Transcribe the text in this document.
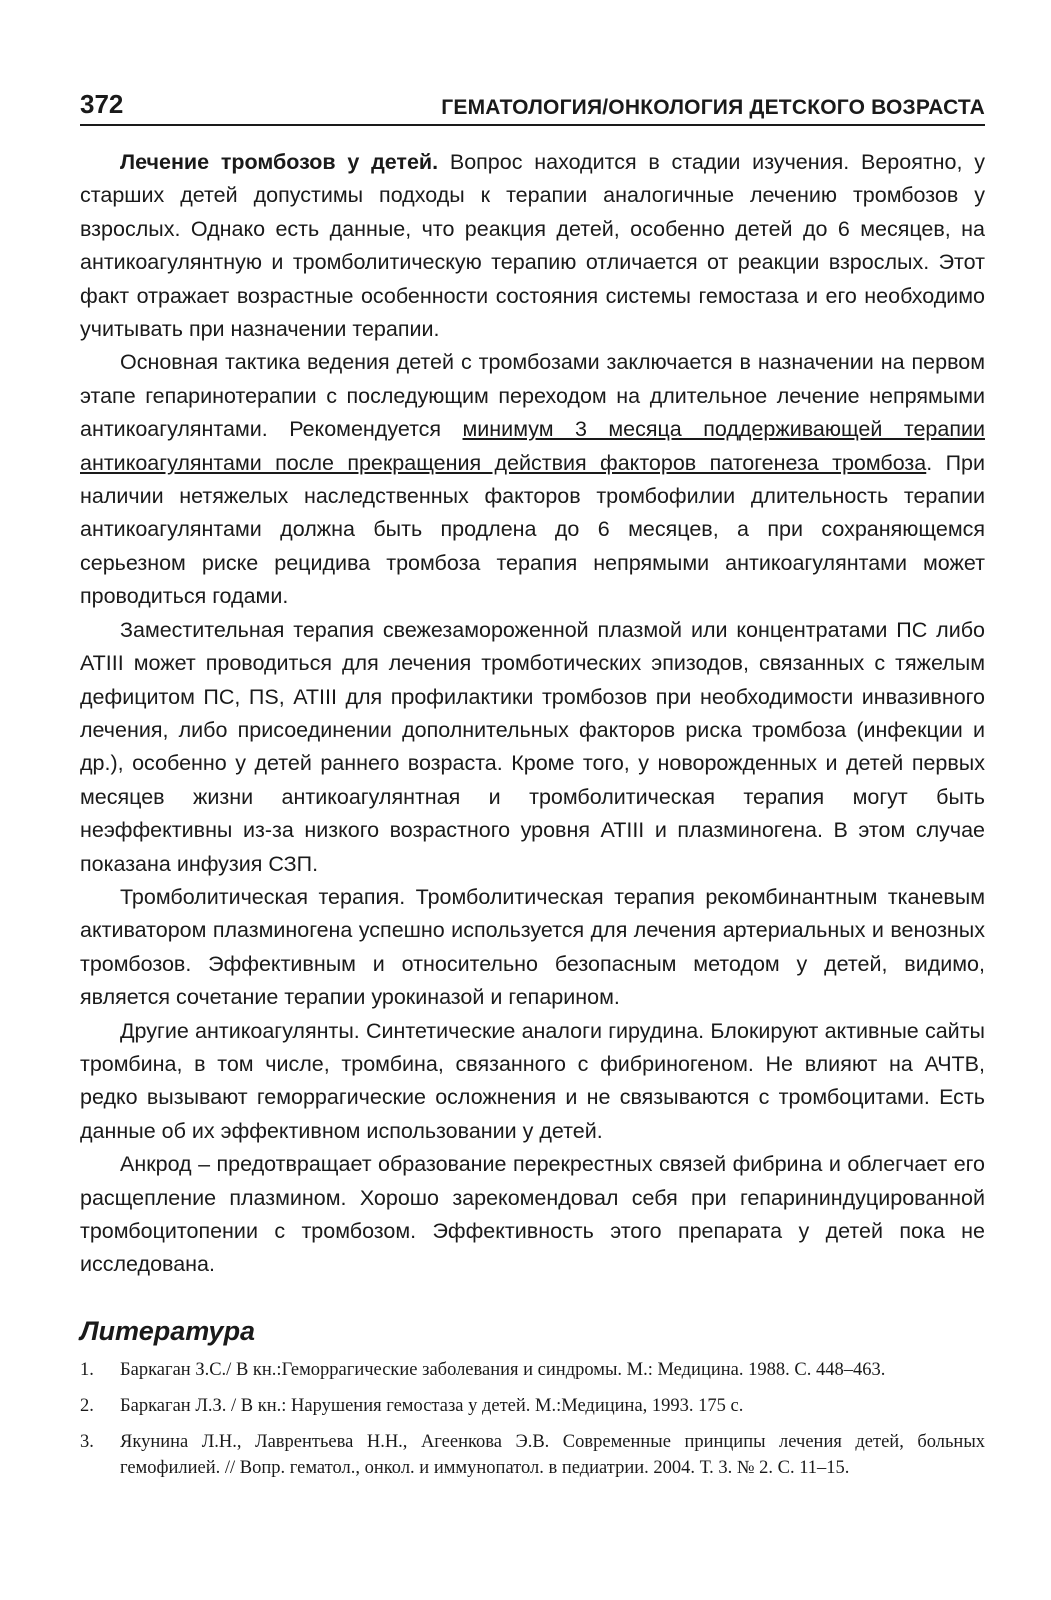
372	ГЕМАТОЛОГИЯ/ОНКОЛОГИЯ ДЕТСКОГО ВОЗРАСТА

Лечение тромбозов у детей. Вопрос находится в стадии изучения. Вероятно, у старших детей допустимы подходы к терапии аналогичные лечению тромбозов у взрослых. Однако есть данные, что реакция детей, особенно детей до 6 месяцев, на антикоагулянтную и тромболитическую терапию отличается от реакции взрослых. Этот факт отражает возрастные особенности состояния системы гемостаза и его необходимо учитывать при назначении терапии.

Основная тактика ведения детей с тромбозами заключается в назначении на первом этапе гепаринотерапии с последующим переходом на длительное лечение непрямыми антикоагулянтами. Рекомендуется минимум 3 месяца поддерживающей терапии антикоагулянтами после прекращения действия факторов патогенеза тромбоза. При наличии нетяжелых наследственных факторов тромбофилии длительность терапии антикоагулянтами должна быть продлена до 6 месяцев, а при сохраняющемся серьезном риске рецидива тромбоза терапия непрямыми антикоагулянтами может проводиться годами.

Заместительная терапия свежезамороженной плазмой или концентратами ПС либо АТIII может проводиться для лечения тромботических эпизодов, связанных с тяжелым дефицитом ПС, ПS, АТIII для профилактики тромбозов при необходимости инвазивного лечения, либо присоединении дополнительных факторов риска тромбоза (инфекции и др.), особенно у детей раннего возраста. Кроме того, у новорожденных и детей первых месяцев жизни антикоагулянтная и тромболитическая терапия могут быть неэффективны из-за низкого возрастного уровня АТIII и плазминогена. В этом случае показана инфузия СЗП.

Тромболитическая терапия. Тромболитическая терапия рекомбинантным тканевым активатором плазминогена успешно используется для лечения артериальных и венозных тромбозов. Эффективным и относительно безопасным методом у детей, видимо, является сочетание терапии урокиназой и гепарином.

Другие антикоагулянты. Синтетические аналоги гирудина. Блокируют активные сайты тромбина, в том числе, тромбина, связанного с фибриногеном. Не влияют на АЧТВ, редко вызывают геморрагические осложнения и не связываются с тромбоцитами. Есть данные об их эффективном использовании у детей.

Анкрод – предотвращает образование перекрестных связей фибрина и облегчает его расщепление плазмином. Хорошо зарекомендовал себя при гепарининдуцированной тромбоцитопении с тромбозом. Эффективность этого препарата у детей пока не исследована.

Литература
1.	Баркаган З.С./ В кн.:Геморрагические заболевания и синдромы. М.: Медицина. 1988. С. 448–463.
2.	Баркаган Л.З. / В кн.: Нарушения гемостаза у детей. М.:Медицина, 1993. 175 с.
3.	Якунина Л.Н., Лаврентьева Н.Н., Агеенкова Э.В. Современные принципы лечения детей, больных гемофилией. // Вопр. гематол., онкол. и иммунопатол. в педиатрии. 2004. Т. 3. № 2. С. 11–15.
